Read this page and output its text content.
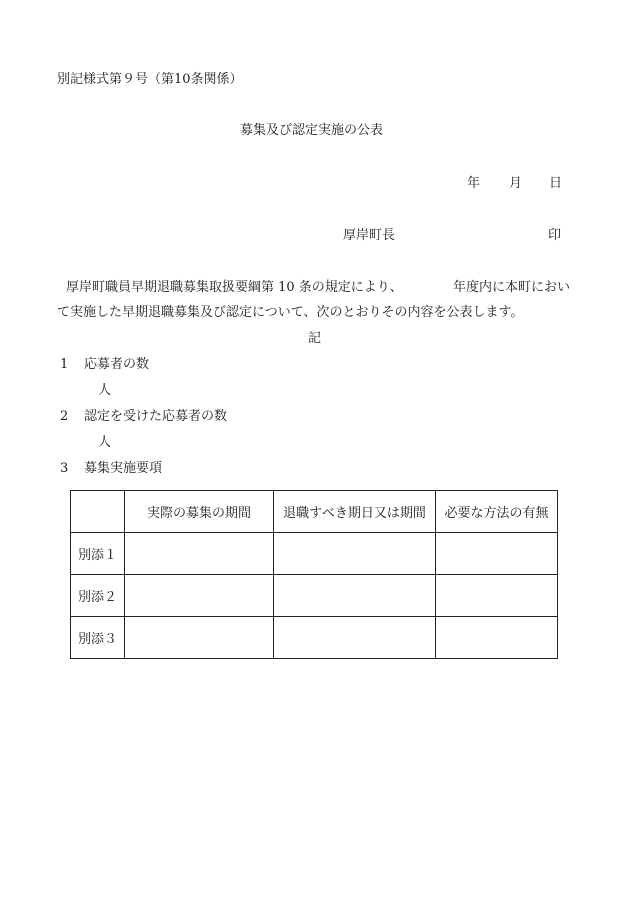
別記様式第９号（第10条関係）
募集及び認定実施の公表
年 月 日
厚岸町長	印
厚岸町職員早期退職募集取扱要綱第 10 条の規定により、	年度内に本町におい
て実施した早期退職募集及び認定について、次のとおりその内容を公表します。
記
1 応募者の数
人
2 認定を受けた応募者の数
人
3 募集実施要項
	実際の募集の期間	退職すべき期日又は期間	必要な方法の有無
別添１			
別添２			
別添３			
